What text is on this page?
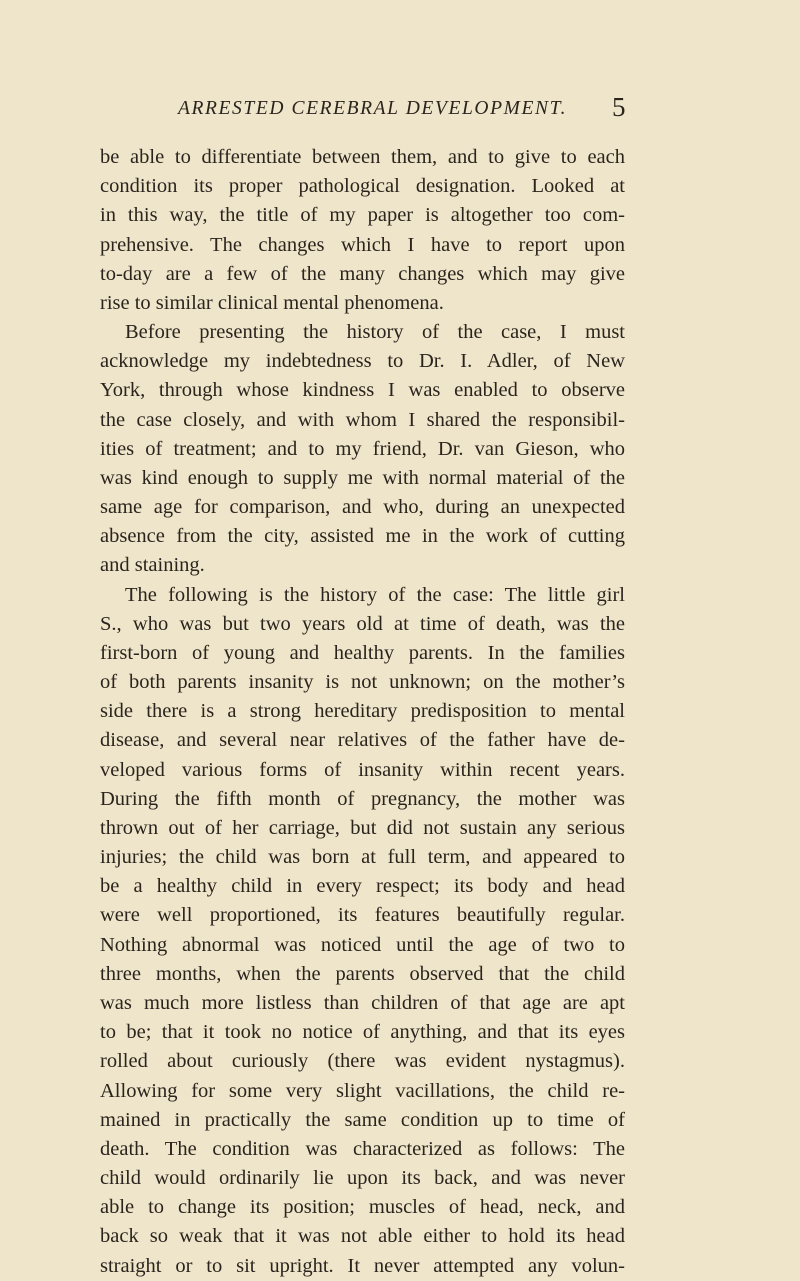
ARRESTED CEREBRAL DEVELOPMENT.	5
be able to differentiate between them, and to give to each
condition its proper pathological designation. Looked at
in this way, the title of my paper is altogether too com-
prehensive. The changes which I have to report upon
to-day are a few of the many changes which may give
rise to similar clinical mental phenomena.
Before presenting the history of the case, I must
acknowledge my indebtedness to Dr. I. Adler, of New
York, through whose kindness I was enabled to observe
the case closely, and with whom I shared the responsibil-
ities of treatment; and to my friend, Dr. van Gieson, who
was kind enough to supply me with normal material of the
same age for comparison, and who, during an unexpected
absence from the city, assisted me in the work of cutting
and staining.
The following is the history of the case: The little girl
S., who was but two years old at time of death, was the
first-born of young and healthy parents. In the families
of both parents insanity is not unknown; on the mother’s
side there is a strong hereditary predisposition to mental
disease, and several near relatives of the father have de-
veloped various forms of insanity within recent years.
During the fifth month of pregnancy, the mother was
thrown out of her carriage, but did not sustain any serious
injuries; the child was born at full term, and appeared to
be a healthy child in every respect; its body and head
were well proportioned, its features beautifully regular.
Nothing abnormal was noticed until the age of two to
three months, when the parents observed that the child
was much more listless than children of that age are apt
to be; that it took no notice of anything, and that its eyes
rolled about curiously (there was evident nystagmus).
Allowing for some very slight vacillations, the child re-
mained in practically the same condition up to time of
death. The condition was characterized as follows: The
child would ordinarily lie upon its back, and was never
able to change its position; muscles of head, neck, and
back so weak that it was not able either to hold its head
straight or to sit upright. It never attempted any volun-
